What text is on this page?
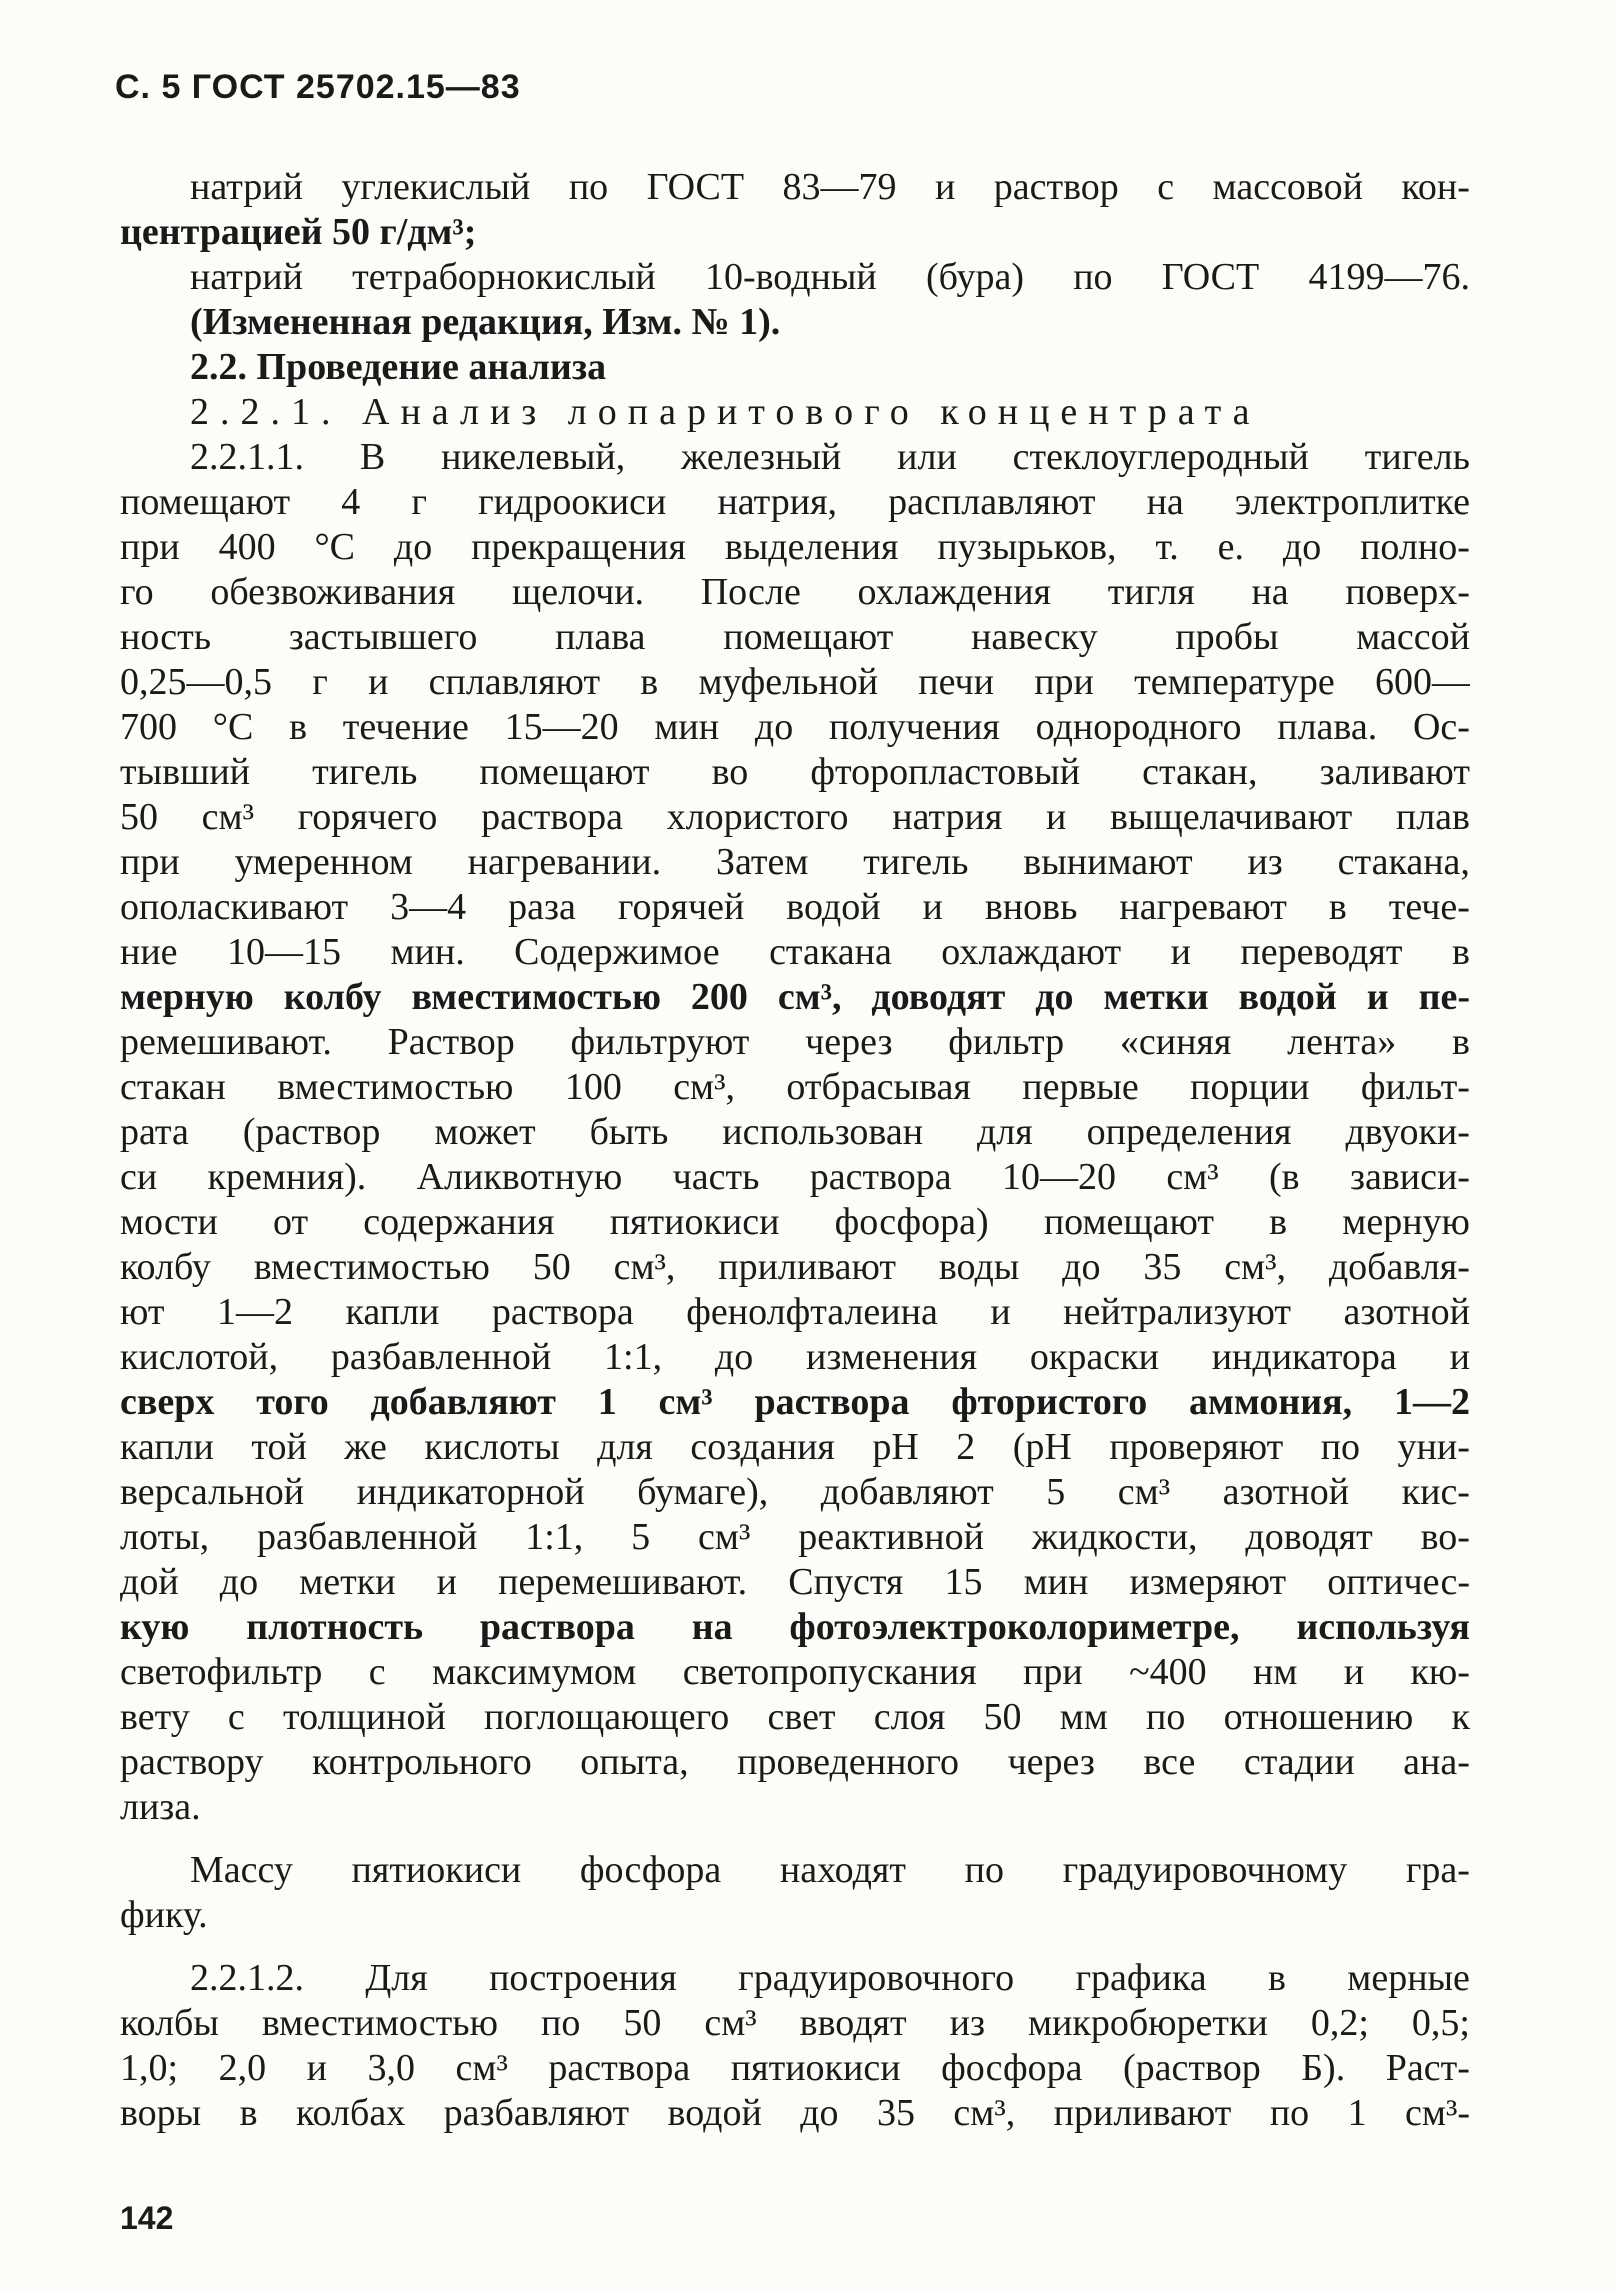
С. 5 ГОСТ 25702.15—83
натрий углекислый по ГОСТ 83—79 и раствор с массовой кон-
центрацией 50 г/дм³;
натрий тетраборнокислый 10-водный (бура) по ГОСТ 4199—76.
(Измененная редакция, Изм. № 1).
2.2. Проведение анализа
2.2.1. Анализ лопаритового концентрата
2.2.1.1. В никелевый, железный или стеклоуглеродный тигель
помещают 4 г гидроокиси натрия, расплавляют на электроплитке
при 400 °С до прекращения выделения пузырьков, т. е. до полно-
го обезвоживания щелочи. После охлаждения тигля на поверх-
ность застывшего плава помещают навеску пробы массой
0,25—0,5 г и сплавляют в муфельной печи при температуре 600—
700 °С в течение 15—20 мин до получения однородного плава. Ос-
тывший тигель помещают во фторопластовый стакан, заливают
50 см³ горячего раствора хлористого натрия и выщелачивают плав
при умеренном нагревании. Затем тигель вынимают из стакана,
ополаскивают 3—4 раза горячей водой и вновь нагревают в тече-
ние 10—15 мин. Содержимое стакана охлаждают и переводят в
мерную колбу вместимостью 200 см³, доводят до метки водой и пе-
ремешивают. Раствор фильтруют через фильтр «синяя лента» в
стакан вместимостью 100 см³, отбрасывая первые порции фильт-
рата (раствор может быть использован для определения двуоки-
си кремния). Аликвотную часть раствора 10—20 см³ (в зависи-
мости от содержания пятиокиси фосфора) помещают в мерную
колбу вместимостью 50 см³, приливают воды до 35 см³, добавля-
ют 1—2 капли раствора фенолфталеина и нейтрализуют азотной
кислотой, разбавленной 1:1, до изменения окраски индикатора и
сверх того добавляют 1 см³ раствора фтористого аммония, 1—2
капли той же кислоты для создания рН 2 (рН проверяют по уни-
версальной индикаторной бумаге), добавляют 5 см³ азотной кис-
лоты, разбавленной 1:1, 5 см³ реактивной жидкости, доводят во-
дой до метки и перемешивают. Спустя 15 мин измеряют оптичес-
кую плотность раствора на фотоэлектроколориметре, используя
светофильтр с максимумом светопропускания при ~400 нм и кю-
вету с толщиной поглощающего свет слоя 50 мм по отношению к
раствору контрольного опыта, проведенного через все стадии ана-
лиза.
Массу пятиокиси фосфора находят по градуировочному гра-
фику.
2.2.1.2. Для построения градуировочного графика в мерные
колбы вместимостью по 50 см³ вводят из микробюретки 0,2; 0,5;
1,0; 2,0 и 3,0 см³ раствора пятиокиси фосфора (раствор Б). Раст-
воры в колбах разбавляют водой до 35 см³, приливают по 1 см³-
142
